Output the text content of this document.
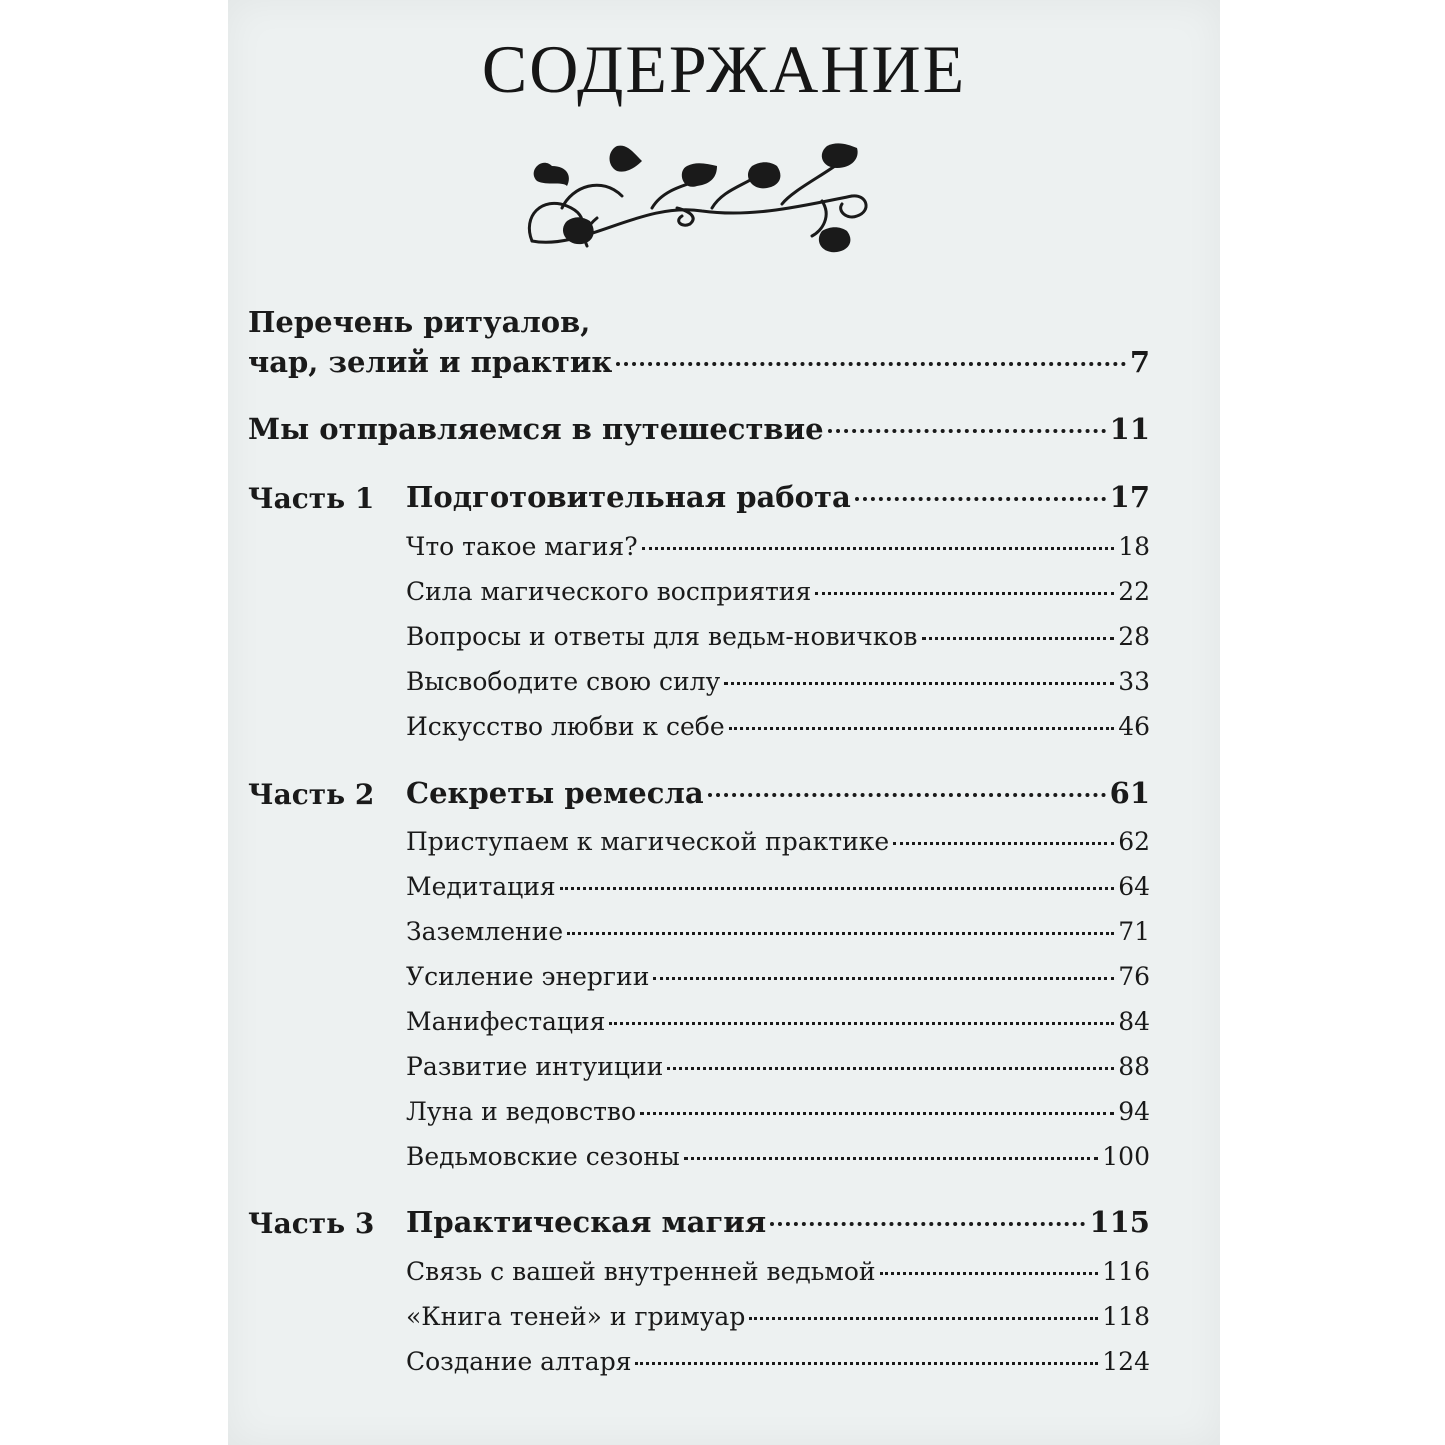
СОДЕРЖАНИЕ
Перечень ритуалов,
чар, зелий и практик	7
Мы отправляемся в путешествие	11
Часть 1 Подготовительная работа	17
Что такое магия?	18
Сила магического восприятия	22
Вопросы и ответы для ведьм-новичков	28
Высвободите свою силу	33
Искусство любви к себе	46
Часть 2 Секреты ремесла	61
Приступаем к магической практике	62
Медитация	64
Заземление	71
Усиление энергии	76
Манифестация	84
Развитие интуиции	88
Луна и ведовство	94
Ведьмовские сезоны	100
Часть 3 Практическая магия	115
Связь с вашей внутренней ведьмой	116
«Книга теней» и гримуар	118
Создание алтаря	124
